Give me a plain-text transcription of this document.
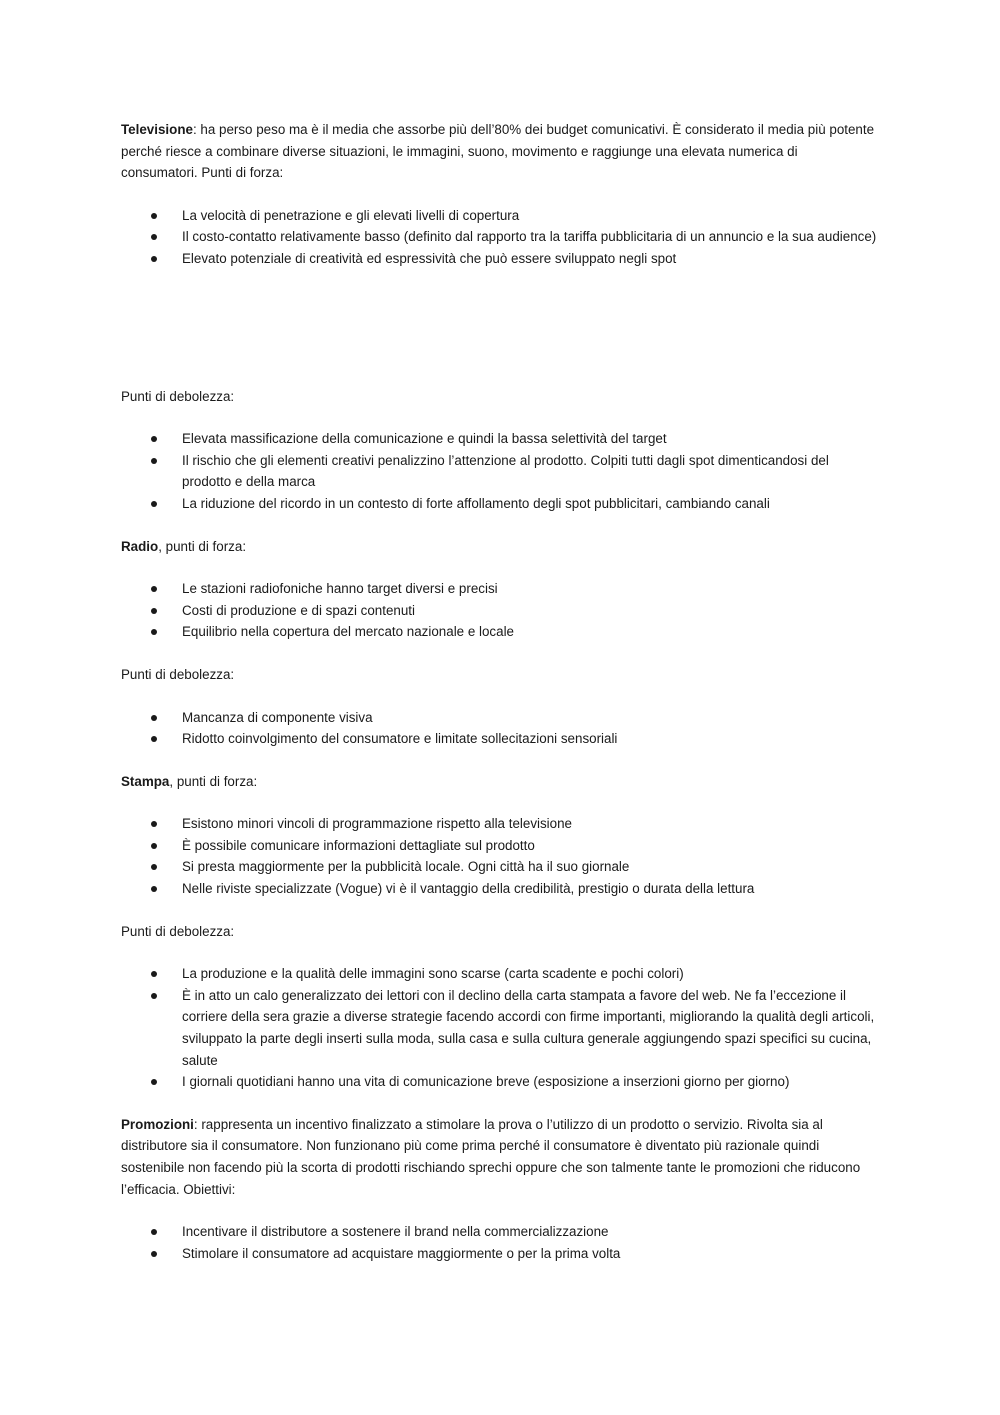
Televisione: ha perso peso ma è il media che assorbe più dell’80% dei budget comunicativi. È considerato il media più potente perché riesce a combinare diverse situazioni, le immagini, suono, movimento e raggiunge una elevata numerica di consumatori. Punti di forza:

La velocità di penetrazione e gli elevati livelli di copertura
Il costo-contatto relativamente basso (definito dal rapporto tra la tariffa pubblicitaria di un annuncio e la sua audience)
Elevato potenziale di creatività ed espressività che può essere sviluppato negli spot

Punti di debolezza:

Elevata massificazione della comunicazione e quindi la bassa selettività del target
Il rischio che gli elementi creativi penalizzino l’attenzione al prodotto. Colpiti tutti dagli spot dimenticandosi del prodotto e della marca
La riduzione del ricordo in un contesto di forte affollamento degli spot pubblicitari, cambiando canali

Radio, punti di forza:

Le stazioni radiofoniche hanno target diversi e precisi
Costi di produzione e di spazi contenuti
Equilibrio nella copertura del mercato nazionale e locale

Punti di debolezza:

Mancanza di componente visiva
Ridotto coinvolgimento del consumatore e limitate sollecitazioni sensoriali

Stampa, punti di forza:

Esistono minori vincoli di programmazione rispetto alla televisione
È possibile comunicare informazioni dettagliate sul prodotto
Si presta maggiormente per la pubblicità locale. Ogni città ha il suo giornale
Nelle riviste specializzate (Vogue) vi è il vantaggio della credibilità, prestigio o durata della lettura

Punti di debolezza:

La produzione e la qualità delle immagini sono scarse (carta scadente e pochi colori)
È in atto un calo generalizzato dei lettori con il declino della carta stampata a favore del web. Ne fa l’eccezione il corriere della sera grazie a diverse strategie facendo accordi con firme importanti, migliorando la qualità degli articoli, sviluppato la parte degli inserti sulla moda, sulla casa e sulla cultura generale aggiungendo spazi specifici su cucina, salute
I giornali quotidiani hanno una vita di comunicazione breve (esposizione a inserzioni giorno per giorno)

Promozioni: rappresenta un incentivo finalizzato a stimolare la prova o l’utilizzo di un prodotto o servizio. Rivolta sia al distributore sia il consumatore. Non funzionano più come prima perché il consumatore è diventato più razionale quindi sostenibile non facendo più la scorta di prodotti rischiando sprechi oppure che son talmente tante le promozioni che riducono l’efficacia. Obiettivi:

Incentivare il distributore a sostenere il brand nella commercializzazione
Stimolare il consumatore ad acquistare maggiormente o per la prima volta
